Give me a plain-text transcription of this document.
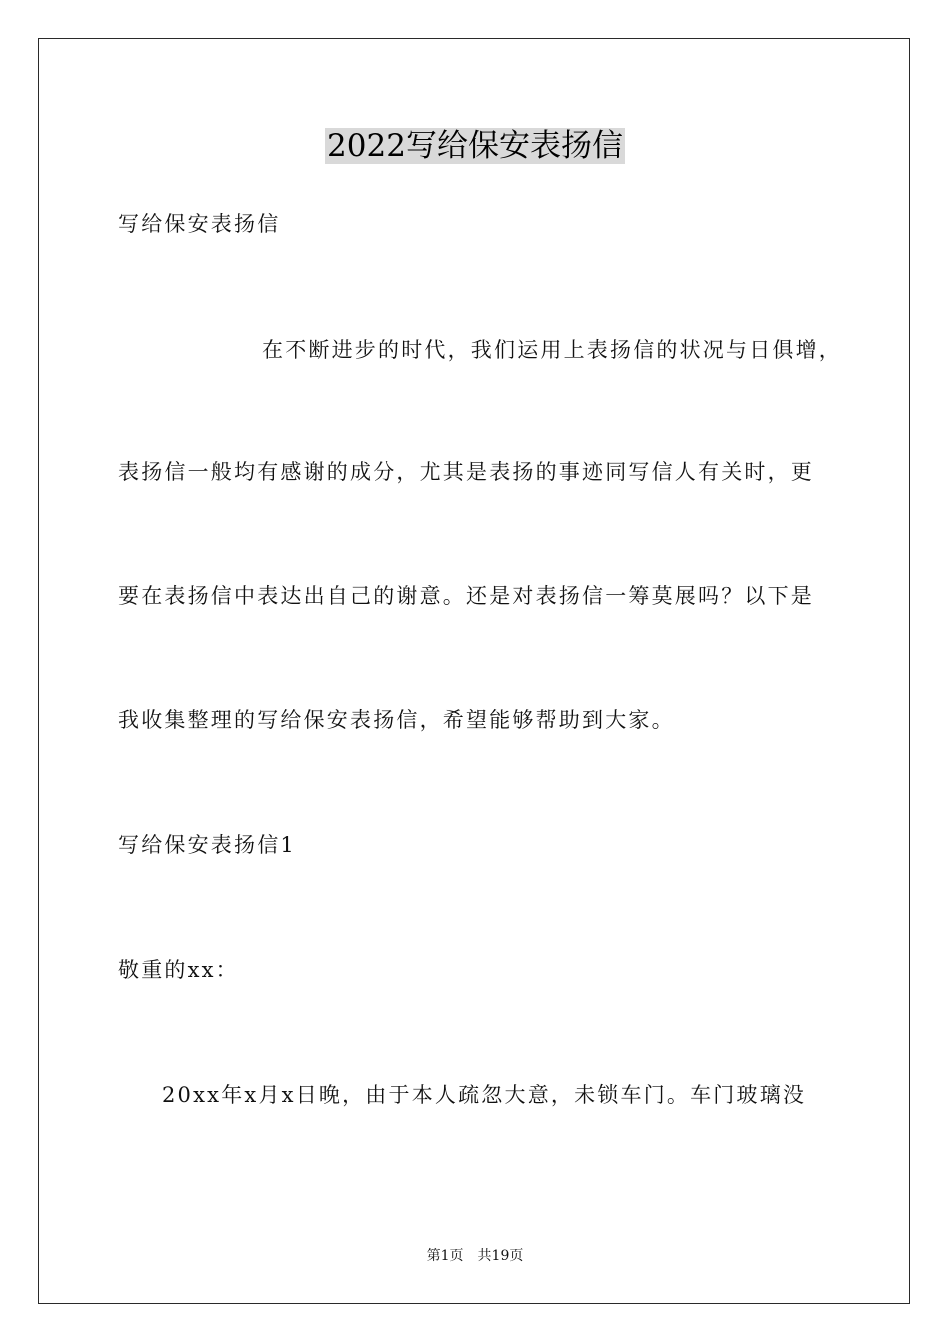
2022写给保安表扬信
写给保安表扬信
在不断进步的时代，我们运用上表扬信的状况与日俱增，
表扬信一般均有感谢的成分，尤其是表扬的事迹同写信人有关时，更
要在表扬信中表达出自己的谢意。还是对表扬信一筹莫展吗？以下是
我收集整理的写给保安表扬信，希望能够帮助到大家。
写给保安表扬信1
敬重的xx：
20xx年x月x日晚，由于本人疏忽大意，未锁车门。车门玻璃没
第1页　共19页
